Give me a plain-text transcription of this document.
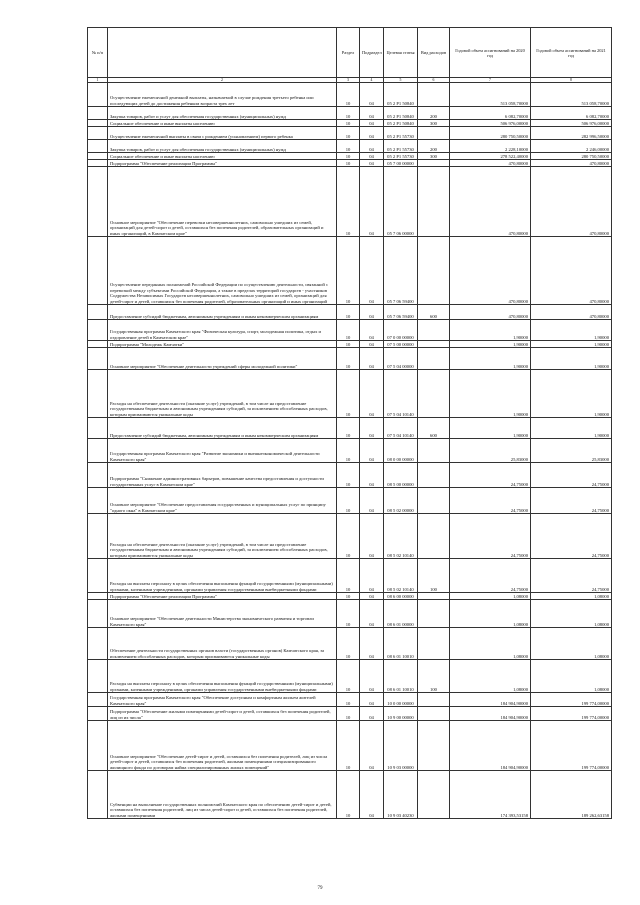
№ п/п		Раздел	Подраздел	Целевая статья	Вид расходов	Годовой объем ассигнований на 2020 год	Годовой объем ассигнований на 2021 год
1	2	3	4	5	6	7	8
	Осуществление ежемесячной денежной выплаты, назначаемой в случае рождения третьего ребенка или последующих детей до достижения ребенком возраста трех лет	10	04	05 2 P1 50840		513 058,70000	513 058,70000
	Закупка товаров, работ и услуг для обеспечения государственных (муниципальных) нужд	10	04	05 2 P1 50840	200	6 082,70000	6 082,70000
	Социальное обеспечение и иные выплаты населению	10	04	05 2 P1 50840	300	506 976,00000	506 976,00000
	Осуществление ежемесячной выплаты в связи с рождением (усыновлением) первого ребенка	10	04	05 2 P1 55730		280 750,50000	282 996,50000
	Закупка товаров, работ и услуг для обеспечения государственных (муниципальных) нужд	10	04	05 2 P1 55730	200	2 228,10000	2 246,00000
	Социальное обеспечение и иные выплаты населению	10	04	05 2 P1 55730	300	278 522,40000	280 750,50000
	Подпрограмма "Обеспечение реализации Программы"	10	04	05 7 00 00000		470,80000	470,80000
	Основное мероприятие "Обеспечение перевозки несовершеннолетних, самовольно ушедших из семей, организаций для детей-сирот и детей, оставшихся без попечения родителей, образовательных организаций и иных организаций, в Камчатском крае"	10	04	05 7 06 00000		470,80000	470,80000
	Осуществление переданных полномочий Российской Федерации по осуществлению деятельности, связанной с перевозкой между субъектами Российской Федерации, а также в пределах территорий государств - участников Содружества Независимых Государств несовершеннолетних, самовольно ушедших из семей, организаций для детей-сирот и детей, оставшихся без попечения родителей, образовательных организаций и иных организаций	10	04	05 7 06 59400		470,80000	470,80000
	Предоставление субсидий бюджетным, автономным учреждениям и иным некоммерческим организациям	10	04	05 7 06 59400	600	470,80000	470,80000
	Государственная программа Камчатского края "Физическая культура, спорт, молодежная политика, отдых и оздоровление детей в Камчатском крае"	10	04	07 0 00 00000		1,90000	1,90000
	Подпрограмма "Молодежь Камчатки"	10	04	07 5 00 00000		1,90000	1,90000
	Основное мероприятие "Обеспечение деятельности учреждений сферы молодежной политики"	10	04	07 5 04 00000		1,90000	1,90000
	Расходы на обеспечение деятельности (оказание услуг) учреждений, в том числе на предоставление государственным бюджетным и автономным учреждениям субсидий, за исключением обособленных расходов, которым присваиваются уникальные коды	10	04	07 5 04 10140		1,90000	1,90000
	Предоставление субсидий бюджетным, автономным учреждениям и иным некоммерческим организациям	10	04	07 5 04 10140	600	1,90000	1,90000
	Государственная программа Камчатского края "Развитие экономики и внешнеэкономической деятельности Камчатского края"	10	04	08 0 00 00000		25,83000	25,83000
	Подпрограмма "Снижение административных барьеров, повышение качества предоставления и доступности государственных услуг в Камчатском крае"	10	04	08 5 00 00000		24,75000	24,75000
	Основное мероприятие "Обеспечение предоставления государственных и муниципальных услуг по принципу "одного окна" в Камчатском крае"	10	04	08 5 02 00000		24,75000	24,75000
	Расходы на обеспечение деятельности (оказание услуг) учреждений, в том числе на предоставление государственным бюджетным и автономным учреждениям субсидий, за исключением обособленных расходов, которым присваиваются уникальные коды	10	04	08 5 02 10140		24,75000	24,75000
	Расходы на выплаты персоналу в целях обеспечения выполнения функций государственными (муниципальными) органами, казенными учреждениями, органами управления государственными внебюджетными фондами	10	04	08 5 02 10140	100	24,75000	24,75000
	Подпрограмма "Обеспечение реализации Программы"	10	04	08 6 00 00000		1,08000	1,08000
	Основное мероприятие "Обеспечение деятельности Министерства экономического развития и торговли Камчатского края"	10	04	08 6 01 00000		1,08000	1,08000
	Обеспечение деятельности государственных органов власти (государственных органов) Камчатского края, за исключением обособленных расходов, которым присваиваются уникальные коды	10	04	08 6 01 10010		1,08000	1,08000
	Расходы на выплаты персоналу в целях обеспечения выполнения функций государственными (муниципальными) органами, казенными учреждениями, органами управления государственными внебюджетными фондами	10	04	08 6 01 10010	100	1,08000	1,08000
	Государственная программа Камчатского края "Обеспечение доступным и комфортным жильем жителей Камчатского края"	10	04	10 0 00 00000		184 904,90000	199 774,00000
	Подпрограмма "Обеспечение жилыми помещениями детей-сирот и детей, оставшихся без попечения родителей, лиц из их числа"	10	04	10 9 00 00000		184 904,90000	199 774,00000
	Основное мероприятие "Обеспечение детей-сирот и детей, оставшихся без попечения родителей, лиц из числа детей-сирот и детей, оставшихся без попечения родителей, жилыми помещениями специализированного жилищного фонда по договорам найма специализированных жилых помещений"	10	04	10 9 03 00000		184 904,90000	199 774,00000
	Субвенции на выполнение государственных полномочий Камчатского края по обеспечению детей-сирот и детей, оставшихся без попечения родителей, лиц из числа детей-сирот и детей, оставшихся без попечения родителей, жилыми помещениями	10	04	10 9 03 40230		174 393,53158	189 262,63158
79
